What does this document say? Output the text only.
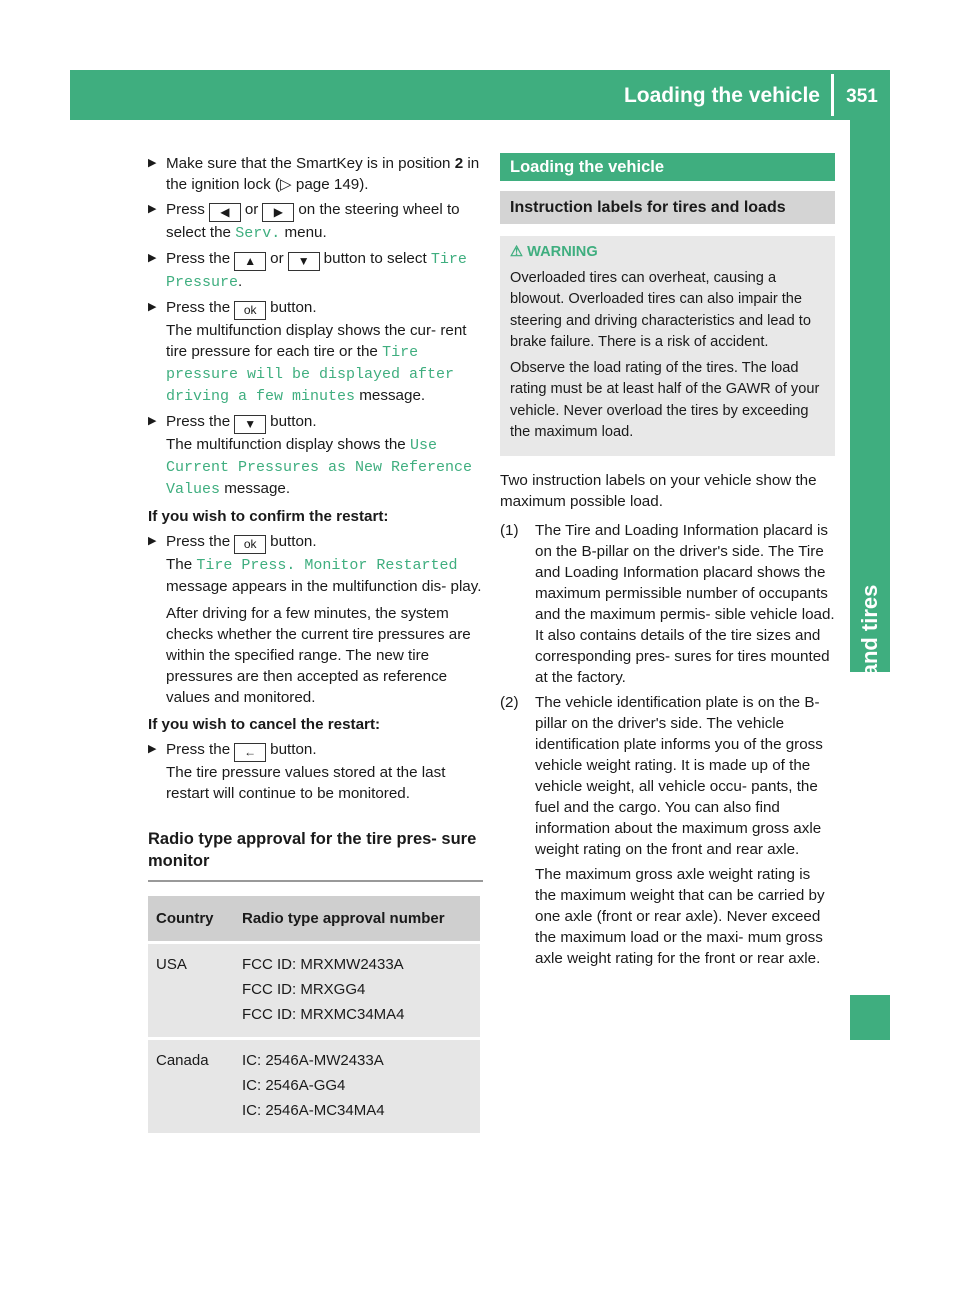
Loading the vehicle	351
Wheels and tires
▶ Make sure that the SmartKey is in position 2 in the ignition lock (▷ page 149).
▶ Press ◀ or ▶ on the steering wheel to select the Serv. menu.
▶ Press the ▲ or ▼ button to select Tire Pressure.
▶ Press the ok button.
The multifunction display shows the cur- rent tire pressure for each tire or the Tire pressure will be displayed after driving a few minutes message.
▶ Press the ▼ button.
The multifunction display shows the Use Current Pressures as New Reference Values message.
If you wish to confirm the restart:
▶ Press the ok button.
The Tire Press. Monitor Restarted message appears in the multifunction dis- play.
After driving for a few minutes, the system checks whether the current tire pressures are within the specified range. The new tire pressures are then accepted as reference values and monitored.
If you wish to cancel the restart:
▶ Press the ← button.
The tire pressure values stored at the last restart will continue to be monitored.
Radio type approval for the tire pres- sure monitor
Country	Radio type approval number
USA	FCC ID: MRXMW2433A
FCC ID: MRXGG4
FCC ID: MRXMC34MA4

Canada	IC: 2546A-MW2433A
IC: 2546A-GG4
IC: 2546A-MC34MA4
Loading the vehicle
Instruction labels for tires and loads
⚠ WARNING

Overloaded tires can overheat, causing a blowout. Overloaded tires can also impair the steering and driving characteristics and lead to brake failure. There is a risk of accident.

Observe the load rating of the tires. The load rating must be at least half of the GAWR of your vehicle. Never overload the tires by exceeding the maximum load.

Two instruction labels on your vehicle show the maximum possible load.
(1) The Tire and Loading Information placard is on the B-pillar on the driver's side. The Tire and Loading Information placard shows the maximum permissible number of occupants and the maximum permis- sible vehicle load. It also contains details of the tire sizes and corresponding pres- sures for tires mounted at the factory.

(2) The vehicle identification plate is on the B-pillar on the driver's side. The vehicle identification plate informs you of the gross vehicle weight rating. It is made up of the vehicle weight, all vehicle occu- pants, the fuel and the cargo. You can also find information about the maximum gross axle weight rating on the front and rear axle.

The maximum gross axle weight rating is the maximum weight that can be carried by one axle (front or rear axle). Never exceed the maximum load or the maxi- mum gross axle weight rating for the front or rear axle.
